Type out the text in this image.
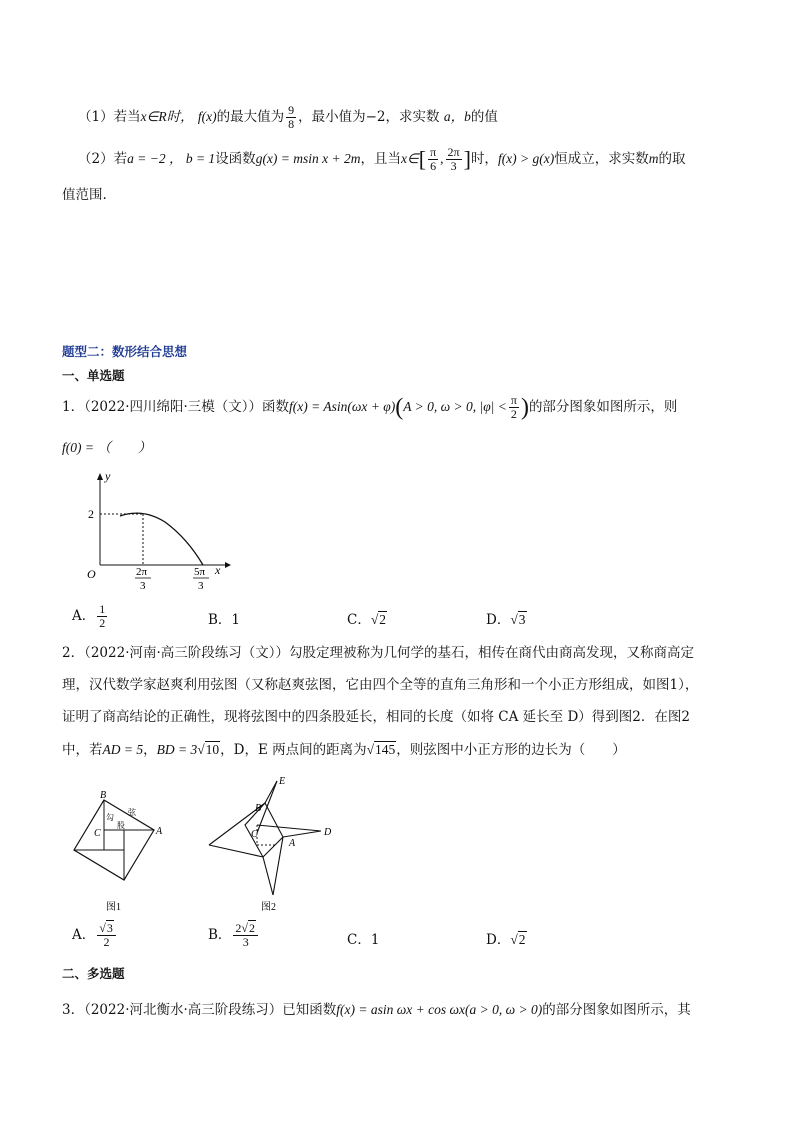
（1）若当x∈R时， f(x)的最大值为 $\frac{9}{8}$ ，最小值为−2，求实数 a，b的值
（2）若a = −2 ， b = 1设函数g(x) = msin x + 2m，且当x∈[ $\frac{\pi}{6}$ , $\frac{2\pi}{3}$ ]时，f(x) > g(x)恒成立，求实数m的取
值范围.
题型二：数形结合思想
一、单选题
1．（2022·四川绵阳·三模（文））函数f(x) = Asin(ωx + φ)(A > 0, ω > 0, $|\varphi| < \frac{\pi}{2}$ )的部分图象如图所示，则
f(0) = （　　）
y
x
O
2
2π
3
5π
3
A． $\frac{1}{2}$	B．1	C．√2	D．√3
2．（2022·河南·高三阶段练习（文））勾股定理被称为几何学的基石，相传在商代由商高发现，又称商高定
理，汉代数学家赵爽利用弦图（又称赵爽弦图，它由四个全等的直角三角形和一个小正方形组成，如图1），
证明了商高结论的正确性，现将弦图中的四条股延长，相同的长度（如将 CA 延长至 D）得到图2．在图2
中，若AD = 5，BD = 3√10，D，E 两点间的距离为√145，则弦图中小正方形的边长为（　　）
B
C	A
勾
股
弦
图1
E
B
C
A
D
图2
A． $\frac{√3}{2}$	B． $\frac{2√2}{3}$	C．1	D．√2
二、多选题
3．（2022·河北衡水·高三阶段练习）已知函数f(x) = asin ωx + cos ωx(a > 0, ω > 0)的部分图象如图所示，其
